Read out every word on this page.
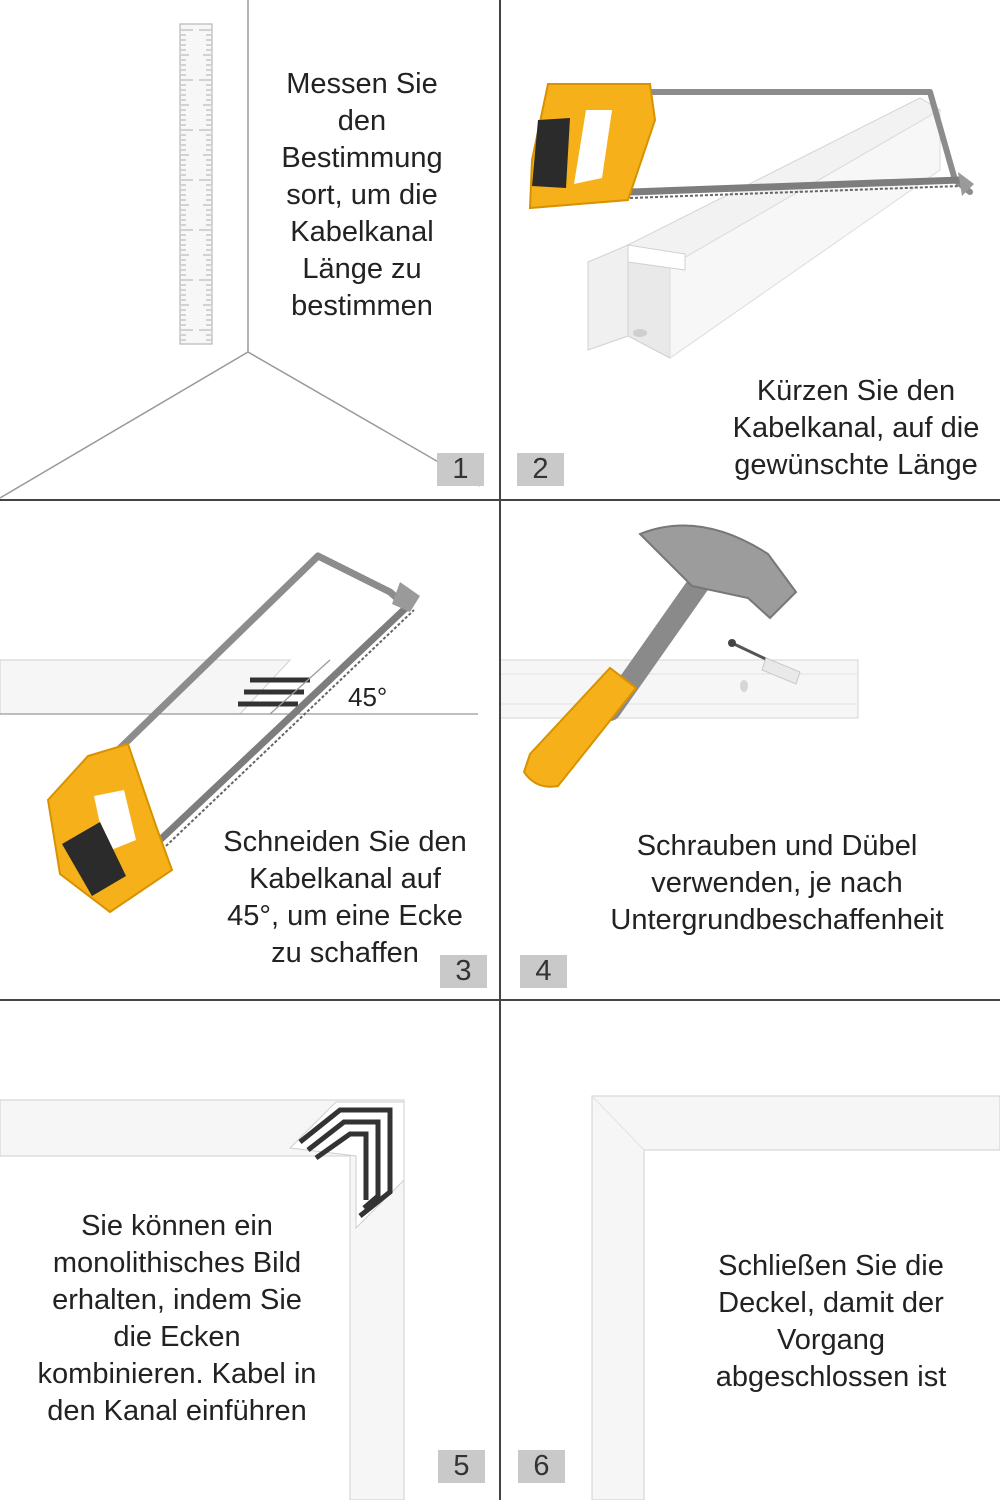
Messen Sie
den
Bestimmung
sort, um die
Kabelkanal
Länge zu
bestimmen
1
Kürzen Sie den
Kabelkanal, auf die
gewünschte Länge
2
45°
Schneiden Sie den
Kabelkanal auf
45°, um eine Ecke
zu schaffen
3
Schrauben und Dübel
verwenden, je nach
Untergrundbeschaffenheit
4
Sie können ein
monolithisches Bild
erhalten, indem Sie
die Ecken
kombinieren. Kabel in
den Kanal einführen
5
Schließen Sie die
Deckel, damit der
Vorgang
abgeschlossen ist
6
